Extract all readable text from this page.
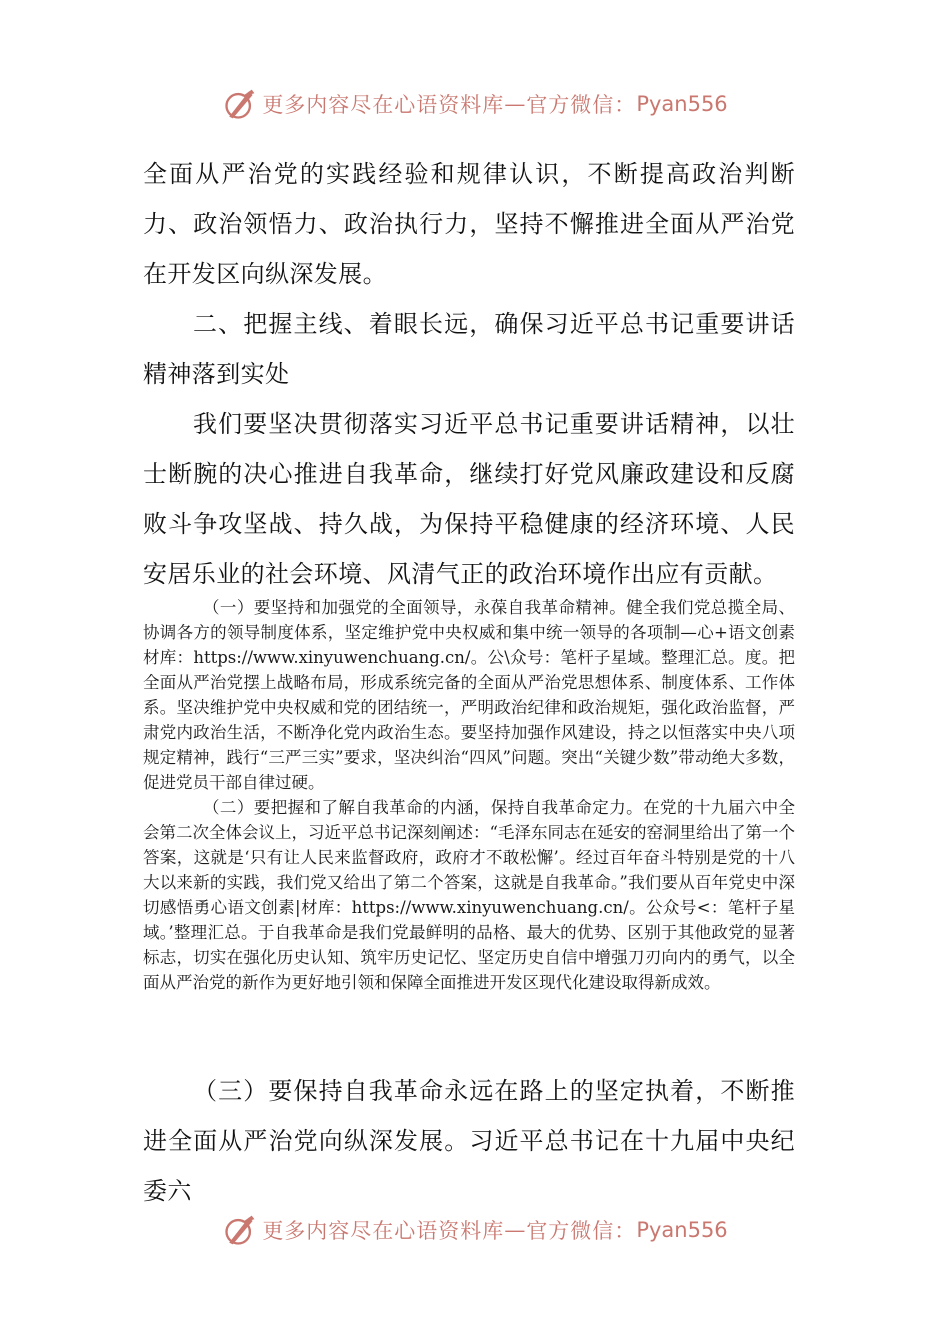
更多内容尽在心语资料库 — 官方微信： Pyan556

全面从严治党的实践经验和规律认识，不断提高政治判断力、政治领悟力、政治执行力，坚持不懈推进全面从严治党在开发区向纵深发展。

二、把握主线、着眼长远，确保习近平总书记重要讲话精神落到实处

我们要坚决贯彻落实习近平总书记重要讲话精神，以壮士断腕的决心推进自我革命，继续打好党风廉政建设和反腐败斗争攻坚战、持久战，为保持平稳健康的经济环境、人民安居乐业的社会环境、风清气正的政治环境作出应有贡献。

（一）要坚持和加强党的全面领导，永葆自我革命精神。健全我们党总揽全局、协调各方的领导制度体系，坚定维护党中央权威和集中统一领导的各项制—心+语文创素材库：https://www.xinyuwenchuang.cn/。公\众号：笔杆子星域。整理汇总。度。把全面从严治党摆上战略布局，形成系统完备的全面从严治党思想体系、制度体系、工作体系。坚决维护党中央权威和党的团结统一，严明政治纪律和政治规矩，强化政治监督，严肃党内政治生活，不断净化党内政治生态。要坚持加强作风建设，持之以恒落实中央八项规定精神，践行“三严三实”要求，坚决纠治“四风”问题。突出“关键少数”带动绝大多数，促进党员干部自律过硬。

（二）要把握和了解自我革命的内涵，保持自我革命定力。在党的十九届六中全会第二次全体会议上，习近平总书记深刻阐述：“毛泽东同志在延安的窑洞里给出了第一个答案，这就是‘只有让人民来监督政府，政府才不敢松懈’。经过百年奋斗特别是党的十八大以来新的实践，我们党又给出了第二个答案，这就是自我革命。”我们要从百年党史中深切感悟勇心语文创素|材库：https://www.xinyuwenchuang.cn/。公众号<：笔杆子星域。’整理汇总。于自我革命是我们党最鲜明的品格、最大的优势、区别于其他政党的显著标志，切实在强化历史认知、筑牢历史记忆、坚定历史自信中增强刀刃向内的勇气，以全面从严治党的新作为更好地引领和保障全面推进开发区现代化建设取得新成效。

（三）要保持自我革命永远在路上的坚定执着，不断推进全面从严治党向纵深发展。习近平总书记在十九届中央纪委六

更多内容尽在心语资料库 — 官方微信： Pyan556
